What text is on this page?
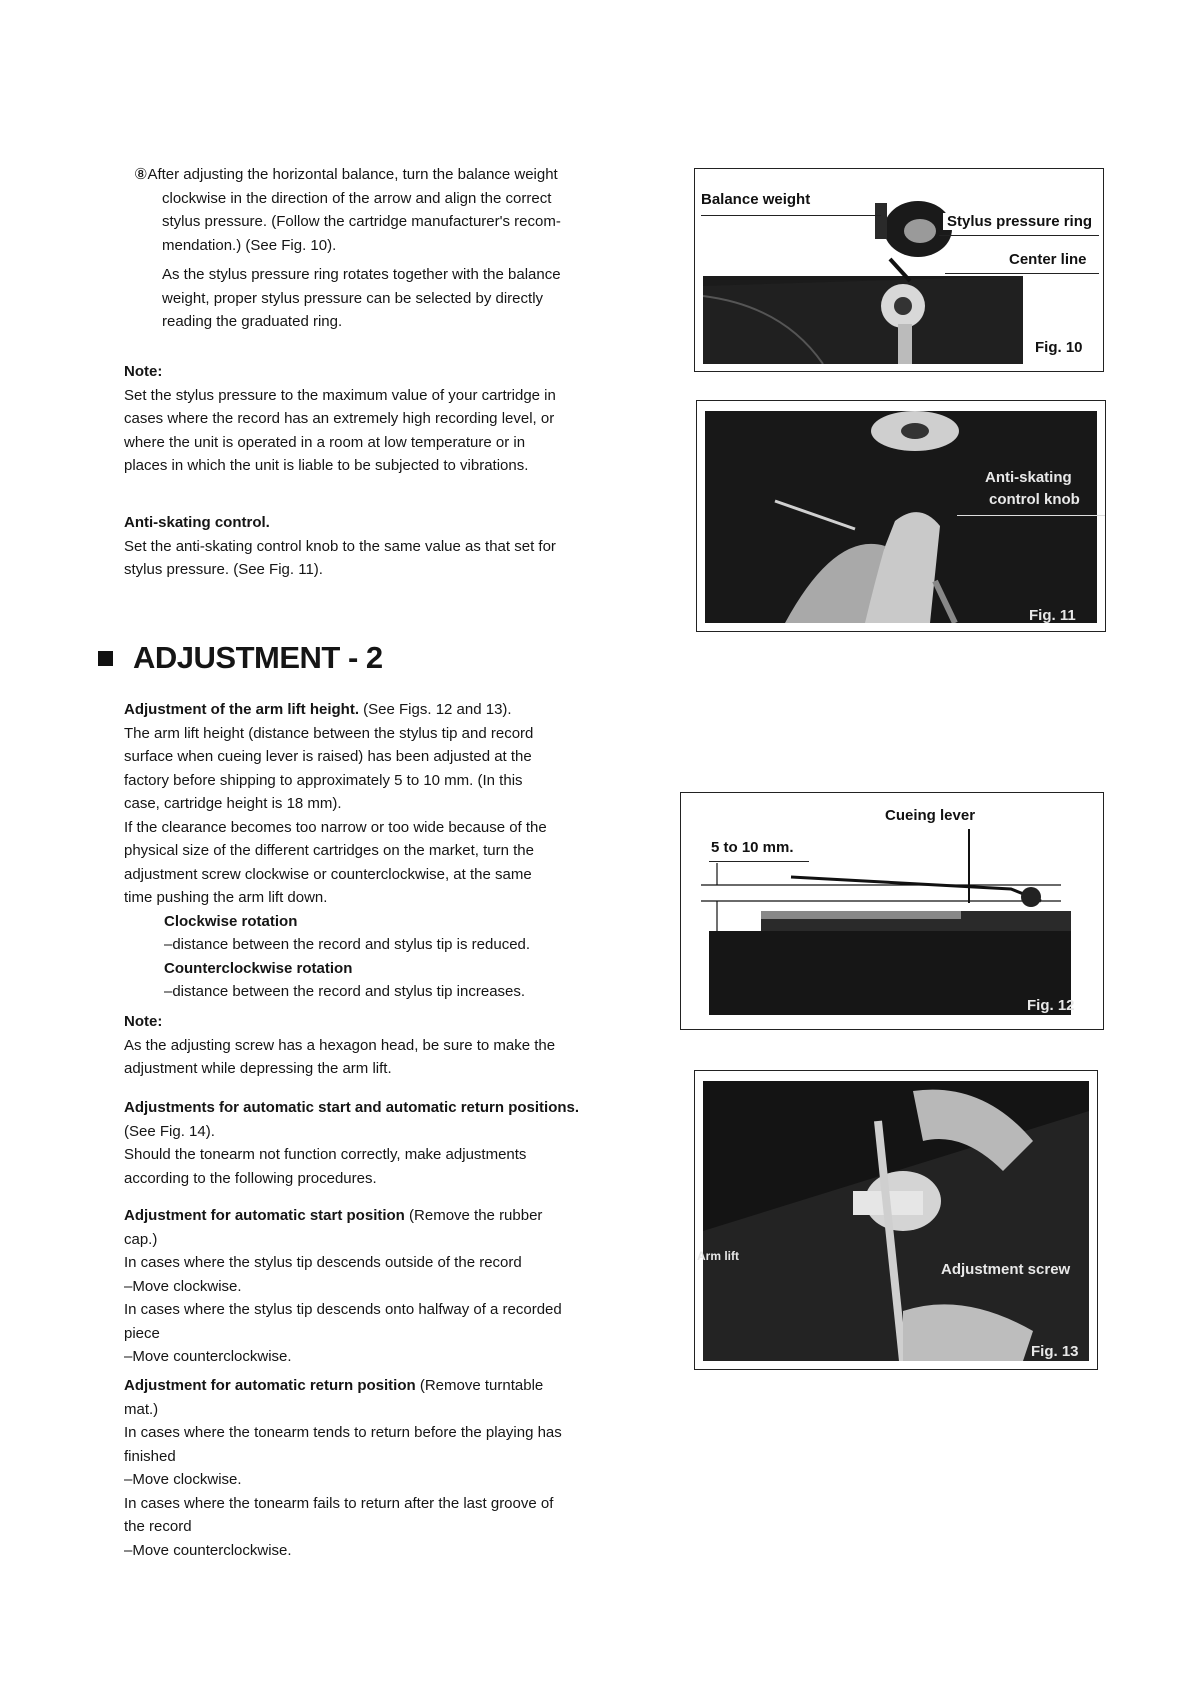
⑧After adjusting the horizontal balance, turn the balance weight
clockwise in the direction of the arrow and align the correct
stylus pressure. (Follow the cartridge manufacturer's recom-
mendation.) (See Fig. 10).
As the stylus pressure ring rotates together with the balance
weight, proper stylus pressure can be selected by directly
reading the graduated ring.
Note:
Set the stylus pressure to the maximum value of your cartridge in
cases where the record has an extremely high recording level, or
where the unit is operated in a room at low temperature or in
places in which the unit is liable to be subjected to vibrations.
Anti-skating control.
Set the anti-skating control knob to the same value as that set for
stylus pressure. (See Fig. 11).
ADJUSTMENT - 2
Adjustment of the arm lift height. (See Figs. 12 and 13).
The arm lift height (distance between the stylus tip and record
surface when cueing lever is raised) has been adjusted at the
factory before shipping to approximately 5 to 10 mm. (In this
case, cartridge height is 18 mm).
If the clearance becomes too narrow or too wide because of the
physical size of the different cartridges on the market, turn the
adjustment screw clockwise or counterclockwise, at the same
time pushing the arm lift down.
Clockwise rotation
–distance between the record and stylus tip is reduced.
Counterclockwise rotation
–distance between the record and stylus tip increases.
Note:
As the adjusting screw has a hexagon head, be sure to make the
adjustment while depressing the arm lift.
Adjustments for automatic start and automatic return positions.
(See Fig. 14).
Should the tonearm not function correctly, make adjustments
according to the following procedures.
Adjustment for automatic start position (Remove the rubber
cap.)
In cases where the stylus tip descends outside of the record
–Move clockwise.
In cases where the stylus tip descends onto halfway of a recorded
piece
–Move counterclockwise.
Adjustment for automatic return position (Remove turntable
mat.)
In cases where the tonearm tends to return before the playing has
finished
–Move clockwise.
In cases where the tonearm fails to return after the last groove of
the record
–Move counterclockwise.
Balance weight
Stylus pressure ring
Center line
Fig. 10
Anti-skating
control knob
Fig. 11
Cueing lever
5 to 10 mm.
Fig. 12
Arm lift
Adjustment screw
Fig. 13
